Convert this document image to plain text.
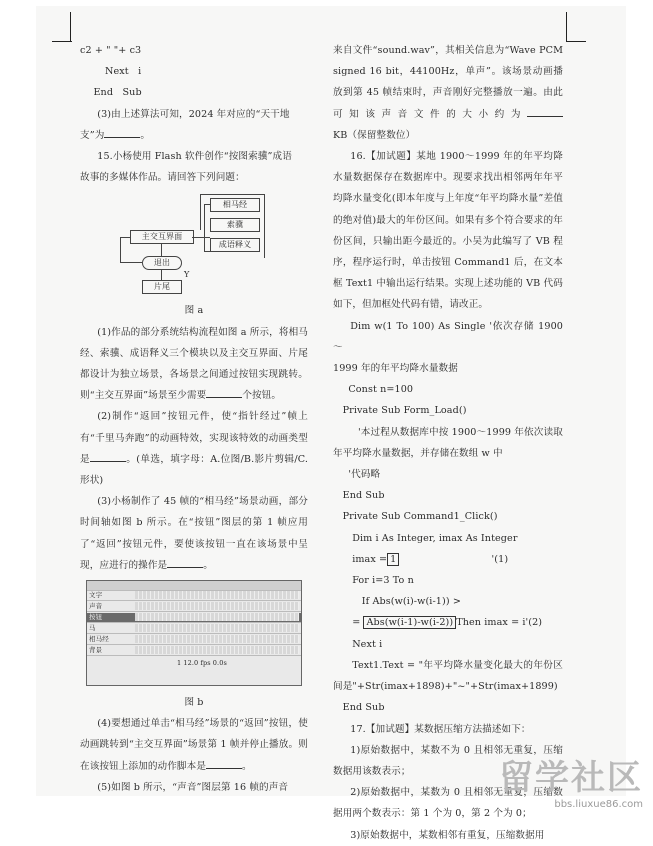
c2 + " "+ c3

Next   i

End   Sub

(3)由上述算法可知，2024 年对应的“天干地

支”为	。

15.小杨使用 Flash 软件创作“按图索骥”成语

故事的多媒体作品。请回答下列问题：

主交互界面
相马经
索骥
成语释义
退出
片尾
Y

图 a

(1)作品的部分系统结构流程如图 a 所示，将相马经、索骥、成语释义三个模块以及主交互界面、片尾都设计为独立场景，各场景之间通过按钮实现跳转。则“主交互界面”场景至少需要	个按钮。

(2)制作“返回”按钮元件，使“指针经过”帧上有“千里马奔跑”的动画特效，实现该特效的动画类型是	。(单选，填字母：A.位图/B.影片剪辑/C.形状)

(3)小杨制作了 45 帧的“相马经”场景动画，部分时间轴如图 b 所示。在“按钮”图层的第 1 帧应用了“返回”按钮元件，要使该按钮一直在该场景中呈现，应进行的操作是	。

文字
声音
按钮
马
相马经
背景
1 12.0 fps 0.0s

图 b

(4)要想通过单击“相马经”场景的“返回”按钮，使动画跳转到“主交互界面”场景第 1 帧并停止播放。则在该按钮上添加的动作脚本是	。

(5)如图 b 所示，“声音”图层第 16 帧的声音

来自文件“sound.wav”，其相关信息为“Wave PCM signed 16 bit，44100Hz，单声”。该场景动画播放到第 45 帧结束时，声音刚好完整播放一遍。由此可知该声音文件的大小约为KB（保留整数位）

16.【加试题】某地 1900～1999 年的年平均降水量数据保存在数据库中。现要求找出相邻两年年平均降水量变化(即本年度与上年度“年平均降水量”差值的绝对值)最大的年份区间。如果有多个符合要求的年份区间，只输出距今最近的。小吴为此编写了 VB 程序，程序运行时，单击按钮 Command1 后，在文本框 Text1 中输出运行结果。实现上述功能的 VB 代码如下，但加框处代码有错，请改正。

Dim w(1 To 100) As Single '依次存储 1900～

1999 年的年平均降水量数据

Const n=100

Private Sub Form_Load()

'本过程从数据库中按 1900～1999 年依次读取年平均降水量数据，并存储在数组 w 中

'代码略

End Sub

Private Sub Command1_Click()

Dim i As Integer, imax As Integer

imax = 1	'(1)

For i=3 To n

If Abs(w(i)-w(i-1)) >

= Abs(w(i-1)-w(i-2)) Then imax = i'(2)

Next i

Text1.Text = "年平均降水量变化最大的年份区间是"+Str(imax+1898)+"~"+Str(imax+1899)

End Sub

17.【加试题】某数据压缩方法描述如下：

1)原始数据中，某数不为 0 且相邻无重复，压缩数据用该数表示；

2)原始数据中，某数为 0 且相邻无重复，压缩数据用两个数表示：第 1 个为 0，第 2 个为 0；

3)原始数据中，某数相邻有重复，压缩数据用

留学社区
bbs.liuxue86.com
